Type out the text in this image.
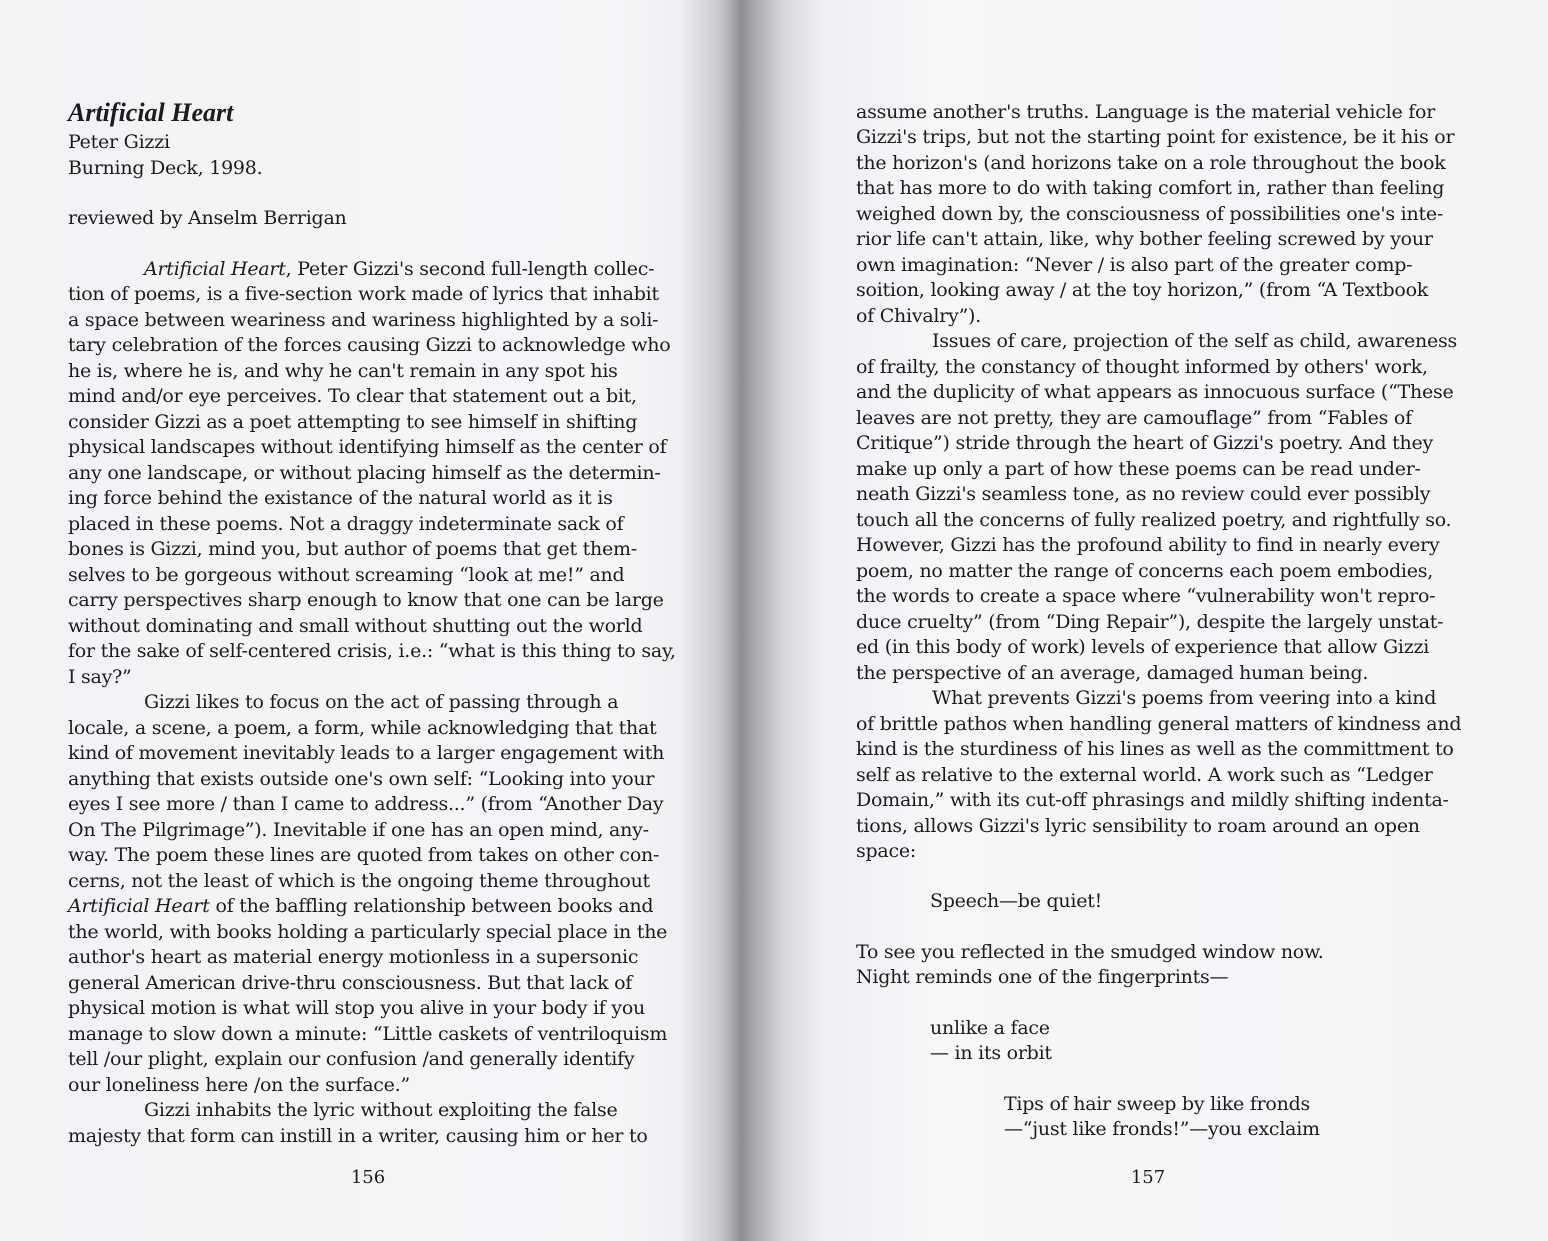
Artificial Heart
Peter Gizzi
Burning Deck, 1998.
reviewed by Anselm Berrigan
Artificial Heart, Peter Gizzi's second full-length collec-
tion of poems, is a five-section work made of lyrics that inhabit
a space between weariness and wariness highlighted by a soli-
tary celebration of the forces causing Gizzi to acknowledge who
he is, where he is, and why he can't remain in any spot his
mind and/or eye perceives. To clear that statement out a bit,
consider Gizzi as a poet attempting to see himself in shifting
physical landscapes without identifying himself as the center of
any one landscape, or without placing himself as the determin-
ing force behind the existance of the natural world as it is
placed in these poems. Not a draggy indeterminate sack of
bones is Gizzi, mind you, but author of poems that get them-
selves to be gorgeous without screaming “look at me!” and
carry perspectives sharp enough to know that one can be large
without dominating and small without shutting out the world
for the sake of self-centered crisis, i.e.: “what is this thing to say,
I say?”
Gizzi likes to focus on the act of passing through a
locale, a scene, a poem, a form, while acknowledging that that
kind of movement inevitably leads to a larger engagement with
anything that exists outside one's own self: “Looking into your
eyes I see more / than I came to address...” (from “Another Day
On The Pilgrimage”). Inevitable if one has an open mind, any-
way. The poem these lines are quoted from takes on other con-
cerns, not the least of which is the ongoing theme throughout
Artificial Heart of the baffling relationship between books and
the world, with books holding a particularly special place in the
author's heart as material energy motionless in a supersonic
general American drive-thru consciousness. But that lack of
physical motion is what will stop you alive in your body if you
manage to slow down a minute: “Little caskets of ventriloquism
tell /our plight, explain our confusion /and generally identify
our loneliness here /on the surface.”
Gizzi inhabits the lyric without exploiting the false
majesty that form can instill in a writer, causing him or her to
156
assume another's truths. Language is the material vehicle for
Gizzi's trips, but not the starting point for existence, be it his or
the horizon's (and horizons take on a role throughout the book
that has more to do with taking comfort in, rather than feeling
weighed down by, the consciousness of possibilities one's inte-
rior life can't attain, like, why bother feeling screwed by your
own imagination: “Never / is also part of the greater comp-
soition, looking away / at the toy horizon,” (from “A Textbook
of Chivalry”).
Issues of care, projection of the self as child, awareness
of frailty, the constancy of thought informed by others' work,
and the duplicity of what appears as innocuous surface (“These
leaves are not pretty, they are camouflage” from “Fables of
Critique”) stride through the heart of Gizzi's poetry. And they
make up only a part of how these poems can be read under-
neath Gizzi's seamless tone, as no review could ever possibly
touch all the concerns of fully realized poetry, and rightfully so.
However, Gizzi has the profound ability to find in nearly every
poem, no matter the range of concerns each poem embodies,
the words to create a space where “vulnerability won't repro-
duce cruelty” (from “Ding Repair”), despite the largely unstat-
ed (in this body of work) levels of experience that allow Gizzi
the perspective of an average, damaged human being.
What prevents Gizzi's poems from veering into a kind
of brittle pathos when handling general matters of kindness and
kind is the sturdiness of his lines as well as the committment to
self as relative to the external world. A work such as “Ledger
Domain,” with its cut-off phrasings and mildly shifting indenta-
tions, allows Gizzi's lyric sensibility to roam around an open
space:
Speech—be quiet!
To see you reflected in the smudged window now.
Night reminds one of the fingerprints—
unlike a face
— in its orbit
Tips of hair sweep by like fronds
—“just like fronds!”—you exclaim
157
